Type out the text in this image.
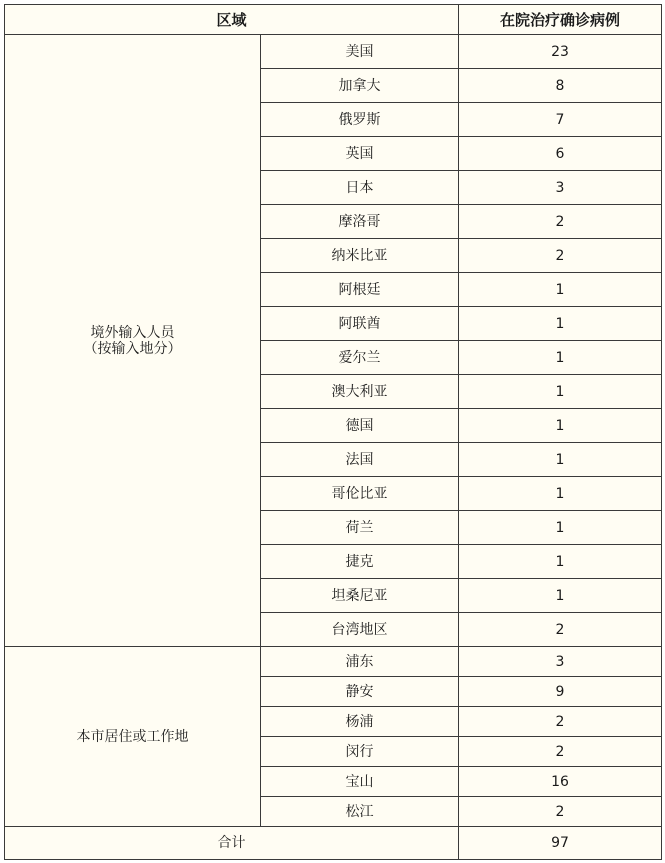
区域		在院治疗确诊病例

境外输入人员
（按输入地分）	美国	23
	加拿大	8
	俄罗斯	7
	英国	6
	日本	3
	摩洛哥	2
	纳米比亚	2
	阿根廷	1
	阿联酋	1
	爱尔兰	1
	澳大利亚	1
	德国	1
	法国	1
	哥伦比亚	1
	荷兰	1
	捷克	1
	坦桑尼亚	1
	台湾地区	2
本市居住或工作地	浦东	3
	静安	9
	杨浦	2
	闵行	2
	宝山	16
	松江	2
合计		97
